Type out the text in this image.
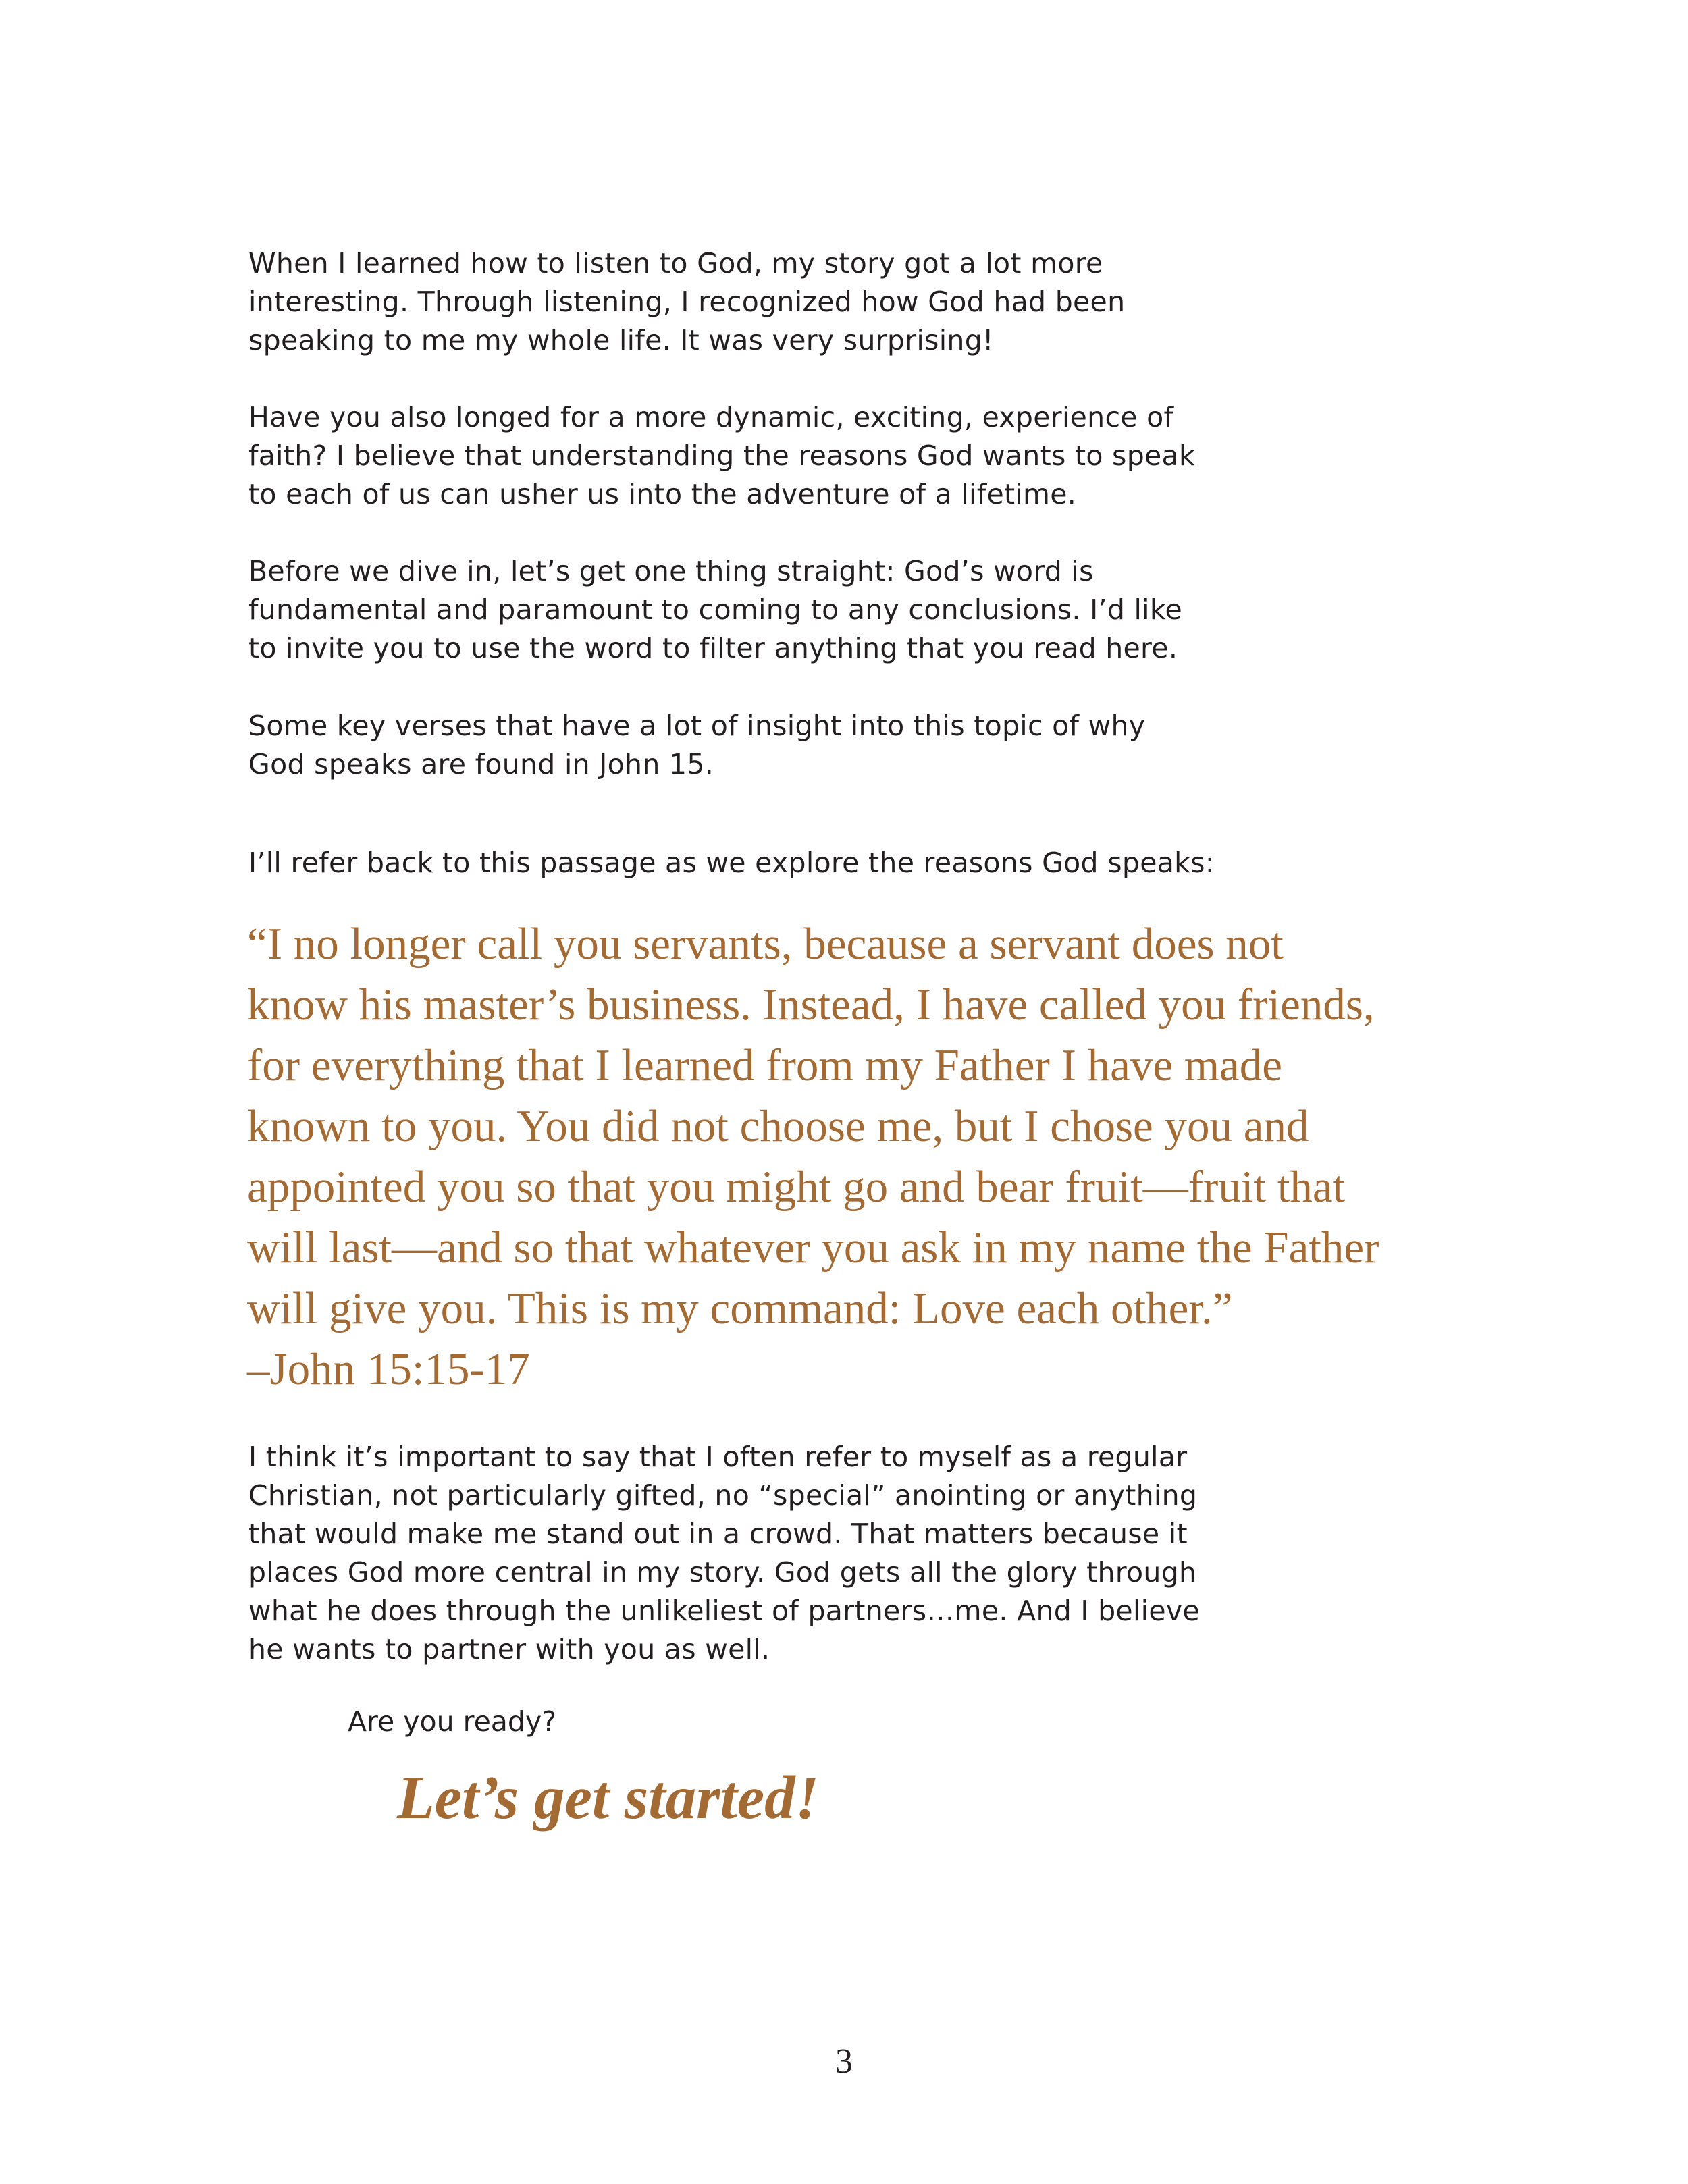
When I learned how to listen to God, my story got a lot more
interesting. Through listening, I recognized how God had been
speaking to me my whole life. It was very surprising!

Have you also longed for a more dynamic, exciting, experience of
faith? I believe that understanding the reasons God wants to speak
to each of us can usher us into the adventure of a lifetime.

Before we dive in, let’s get one thing straight: God’s word is
fundamental and paramount to coming to any conclusions. I’d like
to invite you to use the word to filter anything that you read here.

Some key verses that have a lot of insight into this topic of why
God speaks are found in John 15.

I’ll refer back to this passage as we explore the reasons God speaks:

“I no longer call you servants, because a servant does not
know his master’s business. Instead, I have called you friends,
for everything that I learned from my Father I have made
known to you. You did not choose me, but I chose you and
appointed you so that you might go and bear fruit—fruit that
will last—and so that whatever you ask in my name the Father
will give you. This is my command: Love each other.”
–John 15:15-17

I think it’s important to say that I often refer to myself as a regular
Christian, not particularly gifted, no “special” anointing or anything
that would make me stand out in a crowd. That matters because it
places God more central in my story. God gets all the glory through
what he does through the unlikeliest of partners…me. And I believe
he wants to partner with you as well.

Are you ready?

Let’s get started!

3
